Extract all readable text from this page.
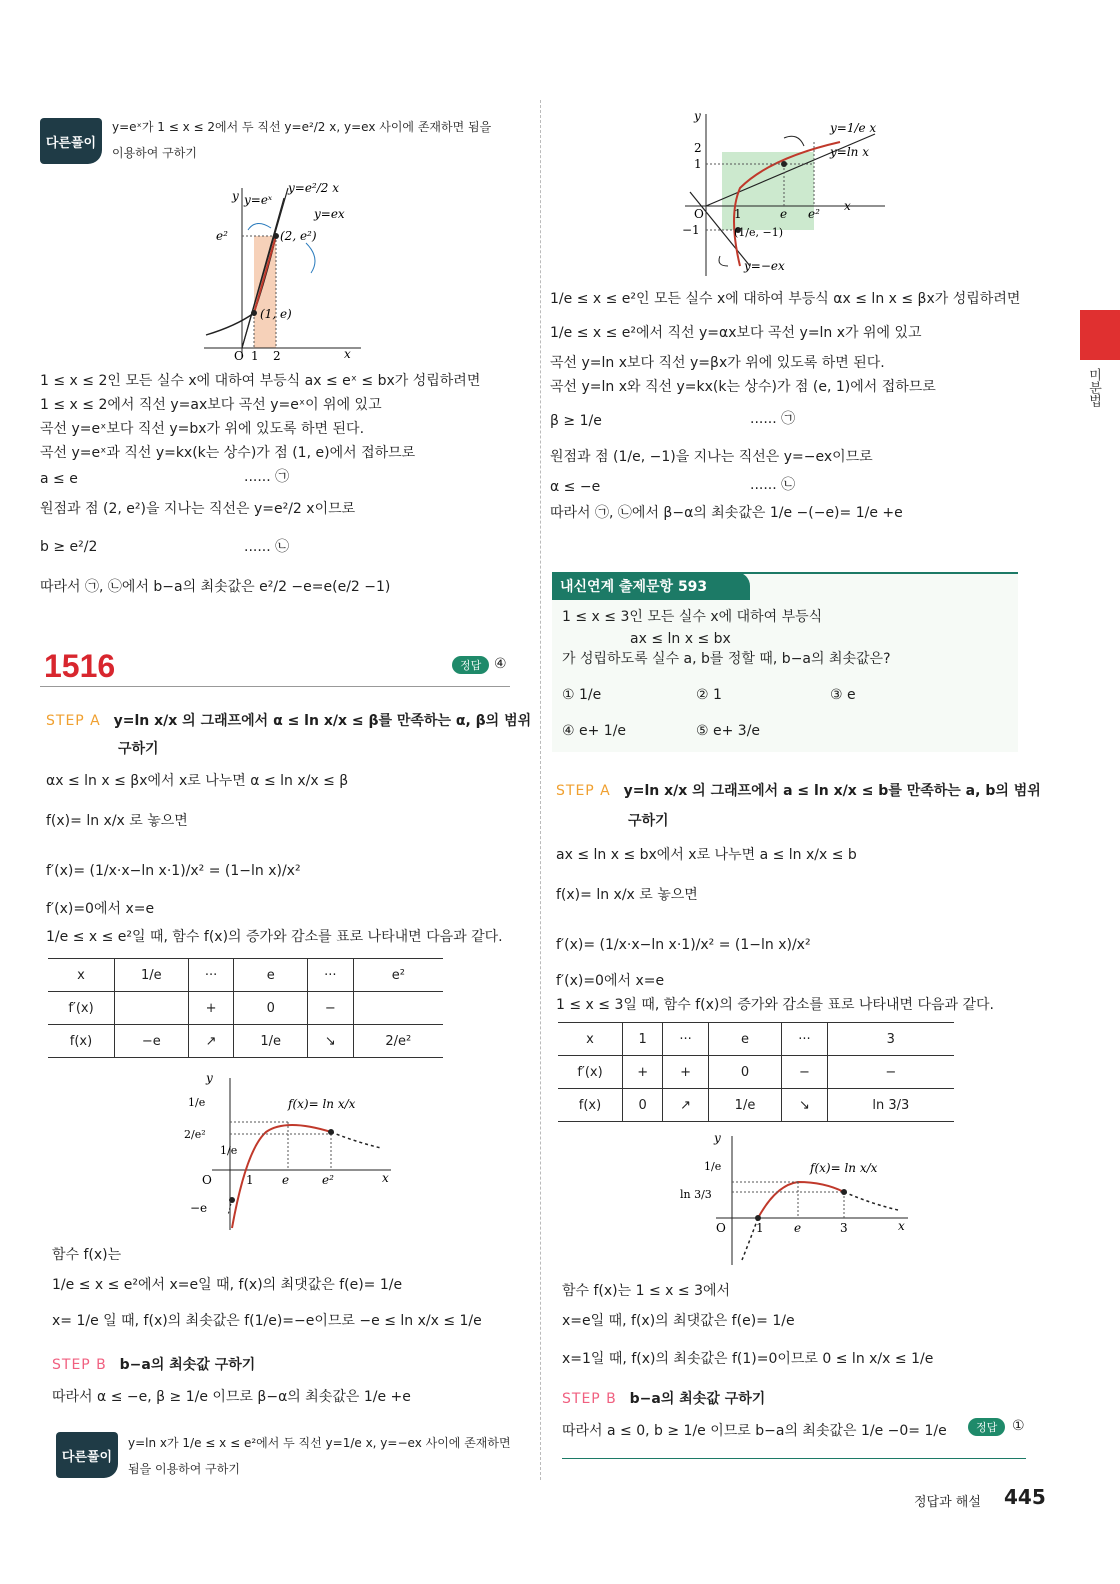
다른풀이
y=eˣ가 1 ≤ x ≤ 2에서 두 직선 y=e²/2 x, y=ex 사이에 존재하면 됨을
이용하여 구하기
y y=eˣ
y=e²/2 x
y=ex
e²	(2, e²)
(1, e)
O 1 2	x
1 ≤ x ≤ 2인 모든 실수 x에 대하여 부등식 ax ≤ eˣ ≤ bx가 성립하려면
1 ≤ x ≤ 2에서 직선 y=ax보다 곡선 y=eˣ이 위에 있고
곡선 y=eˣ보다 직선 y=bx가 위에 있도록 하면 된다.
곡선 y=eˣ과 직선 y=kx(k는 상수)가 점 (1, e)에서 접하므로
a ≤ e	...... ㉠
원점과 점 (2, e²)을 지나는 직선은 y=e²/2 x이므로
b ≥ e²/2	...... ㉡
따라서 ㉠, ㉡에서 b−a의 최솟값은 e²/2 −e=e(e/2 −1)
1516	정답 ④
STEP A y=ln x/x 의 그래프에서 α ≤ ln x/x ≤ β를 만족하는 α, β의 범위
구하기
αx ≤ ln x ≤ βx에서 x로 나누면 α ≤ ln x/x ≤ β
f(x)= ln x/x 로 놓으면
f′(x)= (1/x·x−ln x·1)/x² = (1−ln x)/x²
f′(x)=0에서 x=e
1/e ≤ x ≤ e²일 때, 함수 f(x)의 증가와 감소를 표로 나타내면 다음과 같다.
x	1/e	···	e	···	e²
f′(x)		+	0	−	
f(x)	−e	↗	1/e	↘	2/e²
y
1/e
2/e²
1/e
O	1 e	e²	x
−e
f(x)= ln x/x
함수 f(x)는
1/e ≤ x ≤ e²에서 x=e일 때, f(x)의 최댓값은 f(e)= 1/e
x= 1/e 일 때, f(x)의 최솟값은 f(1/e)=−e이므로 −e ≤ ln x/x ≤ 1/e
STEP B b−a의 최솟값 구하기
따라서 α ≤ −e, β ≥ 1/e 이므로 β−α의 최솟값은 1/e +e
다른풀이
y=ln x가 1/e ≤ x ≤ e²에서 두 직선 y=1/e x, y=−ex 사이에 존재하면
됨을 이용하여 구하기
y
y=1/e x
y=ln x
2
1
O	1	e e²
x
−1	(1/e, −1)
y=−ex
1/e ≤ x ≤ e²인 모든 실수 x에 대하여 부등식 αx ≤ ln x ≤ βx가 성립하려면
1/e ≤ x ≤ e²에서 직선 y=αx보다 곡선 y=ln x가 위에 있고
곡선 y=ln x보다 직선 y=βx가 위에 있도록 하면 된다.
곡선 y=ln x와 직선 y=kx(k는 상수)가 점 (e, 1)에서 접하므로
β ≥ 1/e	...... ㉠
원점과 점 (1/e, −1)을 지나는 직선은 y=−ex이므로
α ≤ −e	...... ㉡
따라서 ㉠, ㉡에서 β−α의 최솟값은 1/e −(−e)= 1/e +e
내신연계 출제문항 593
1 ≤ x ≤ 3인 모든 실수 x에 대하여 부등식
ax ≤ ln x ≤ bx
가 성립하도록 실수 a, b를 정할 때, b−a의 최솟값은?
① 1/e	② 1	③ e
④ e+ 1/e	⑤ e+ 3/e
STEP A y=ln x/x 의 그래프에서 a ≤ ln x/x ≤ b를 만족하는 a, b의 범위
구하기
ax ≤ ln x ≤ bx에서 x로 나누면 a ≤ ln x/x ≤ b
f(x)= ln x/x 로 놓으면
f′(x)= (1/x·x−ln x·1)/x² = (1−ln x)/x²
f′(x)=0에서 x=e
1 ≤ x ≤ 3일 때, 함수 f(x)의 증가와 감소를 표로 나타내면 다음과 같다.
x	1	···	e	···	3
f′(x)	+	+	0	−	−
f(x)	0	↗	1/e	↘	ln 3/3
y
1/e
ln 3/3
O	1	e	3	x
f(x)= ln x/x
함수 f(x)는 1 ≤ x ≤ 3에서
x=e일 때, f(x)의 최댓값은 f(e)= 1/e
x=1일 때, f(x)의 최솟값은 f(1)=0이므로 0 ≤ ln x/x ≤ 1/e
STEP B b−a의 최솟값 구하기
따라서 a ≤ 0, b ≥ 1/e 이므로 b−a의 최솟값은 1/e −0= 1/e	정답	①
미분법
정답과 해설 445
